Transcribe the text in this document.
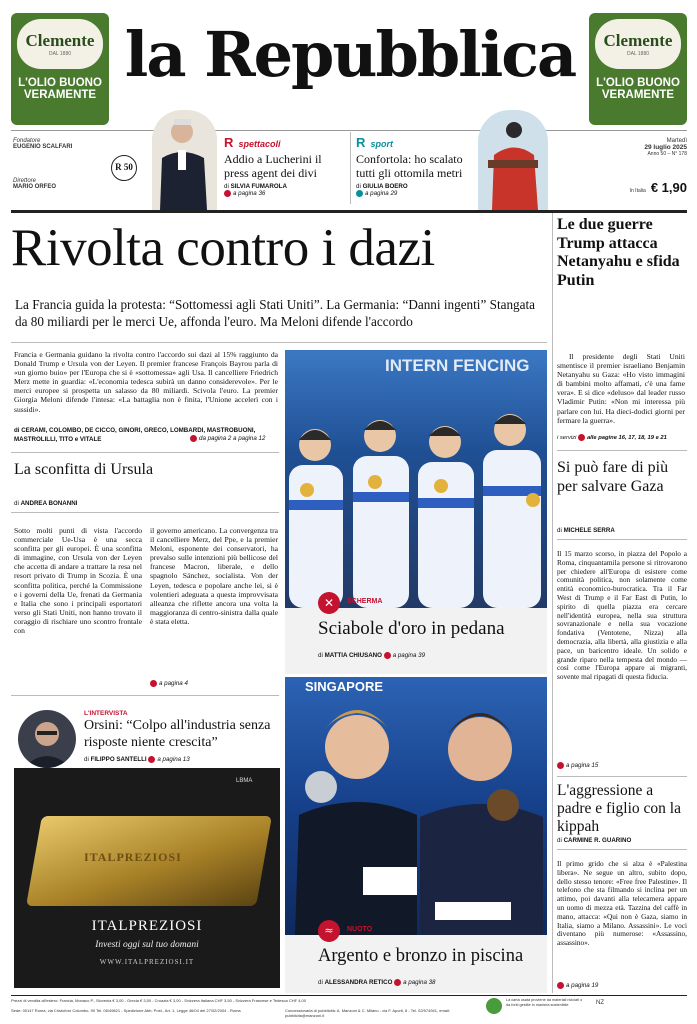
Clemente
DAL 1880
L'OLIO BUONO VERAMENTE
Clemente
DAL 1880
L'OLIO BUONO VERAMENTE
la Repubblica
Fondatore
EUGENIO SCALFARI
Direttore
MARIO ORFEO
R 50
R spettacoli
Addio a Lucherini il press agent dei divi
di SILVIA FUMAROLA
a pagina 36
R sport
Confortola: ho scalato tutti gli ottomila metri
di GIULIA BOERO
a pagina 29
Martedì
29 luglio 2025
Anno 50 – N° 178
In Italia € 1,90
Rivolta contro i dazi
La Francia guida la protesta: “Sottomessi agli Stati Uniti”. La Germania: “Danni ingenti” Stangata da 80 miliardi per le merci Ue, affonda l'euro. Ma Meloni difende l'accordo
Francia e Germania guidano la rivolta contro l'accordo sui dazi al 15% raggiunto da Donald Trump e Ursula von der Leyen. Il premier francese François Bayrou parla di «un giorno buio» per l'Europa che si è «sottomessa» agli Usa. Il cancelliere Friedrich Merz mette in guardia: «L'economia tedesca subirà un danno considerevole». Per le merci europee si prospetta un salasso da 80 miliardi. Scivola l'euro. La premier Giorgia Meloni difende l'intesa: «La battaglia non è finita, l'Unione accelerì con i sussidi».
di CERAMI, COLOMBO, DE CICCO, GINORI, GRECO, LOMBARDI, MASTROBUONI, MASTROLILLI, TITO e VITALE	da pagina 2 a pagina 12
La sconfitta di Ursula
di ANDREA BONANNI
Sotto molti punti di vista l'accordo commerciale Ue-Usa è una secca sconfitta per gli europei. È una sconfitta di immagine, con Ursula von der Leyen che accetta di andare a trattare la resa nel resort privato di Trump in Scozia. È una sconfitta politica, perché la Commissione e i governi della Ue, frenati da Germania e Italia che sono i principali esportatori verso gli Stati Uniti, non hanno trovato il coraggio di rischiare uno scontro frontale con
il governo americano. La convergenza tra il cancelliere Merz, del Ppe, e la premier Meloni, esponente dei conservatori, ha prevalso sulle intenzioni più bellicose del francese Macron, liberale, e dello spagnolo Sánchez, socialista. Von der Leyen, tedesca e popolare anche lei, si è volentieri adeguata a questa improvvisata alleanza che riflette ancora una volta la maggioranza di centro-sinistra dalla quale è stata eletta.
a pagina 4
L'INTERVISTA
Orsini: “Colpo all'industria senza risposte niente crescita”
di FILIPPO SANTELLI a pagina 13
ITALPREZIOSI
LBMA
ITALPREZIOSI
Investi oggi sul tuo domani
WWW.ITALPREZIOSI.IT
INTERN FENCING
✕	SCHERMA
Sciabole d'oro in pedana
di MATTIA CHIUSANO a pagina 39
SINGAPORE
≈	NUOTO
Argento e bronzo in piscina
di ALESSANDRA RETICO a pagina 38
Le due guerre Trump attacca Netanyahu e sfida Putin
Il presidente degli Stati Uniti smentisce il premier israeliano Benjamin Netanyahu su Gaza: «Ho visto immagini di bambini molto affamati, c'è una fame vera». E si dice «deluso» dal leader russo Vladimir Putin: «Non mi interessa più parlare con lui. Ha dieci-dodici giorni per fermare la guerra».
i servizi alle pagine 16, 17, 18, 19 e 21
Si può fare di più per salvare Gaza
di MICHELE SERRA
Il 15 marzo scorso, in piazza del Popolo a Roma, cinquantamila persone si ritrovarono per chiedere all'Europa di esistere come comunità politica, non solamente come entità economico-burocratica. Tra il Far West di Trump e il Far East di Putin, lo spirito di quella piazza era cercare nell'identità europea, nella sua struttura sovranazionale e nella sua vocazione fondativa (Ventotene, Nizza) alla democrazia, alla libertà, alla giustizia e alla pace, un baricentro ideale. Un solido e grande riparo nella tempesta del mondo — così come l'Europa appare ai migranti, sovente mal ripagati di questa fiducia.
a pagina 15
L'aggressione a padre e figlio con la kippah
di CARMINE R. GUARINO
Il primo grido che si alza è «Palestina libera». Ne segue un altro, subito dopo, dello stesso tenore: «Free free Palestine». Il telefono che sta filmando si inclina per un attimo, poi davanti alla telecamera appare un uomo di mezza età. Tazzina del caffè in mano, attacca: «Qui non è Gaza, siamo in Italia, siamo a Milano. Assassini». Le voci diventano più numerose: «Assassino, assassino».
a pagina 19
Prezzi di vendita all'estero: Francia, Monaco P., Slovenia € 3,00 - Grecia € 3,50 - Croazia € 3,00 - Svizzera Italiana CHF 3,50 - Svizzera Francese e Tedesca CHF 4,00
Sede: 00147 Roma, via Cristoforo Colombo, 90 Tel. 06/49821 - Spedizione Abb. Post., Art. 1, Legge 46/04 del 27/02/2004 - Roma	Concessionaria di pubblicità: A. Manzoni & C. Milano - via F. Aporti, 8 - Tel. 02/574941, email: pubblicita@manzoni.it
La carta usata proviene da materiali riciclati o da fonti gestite in maniera sostenibile	NZ
